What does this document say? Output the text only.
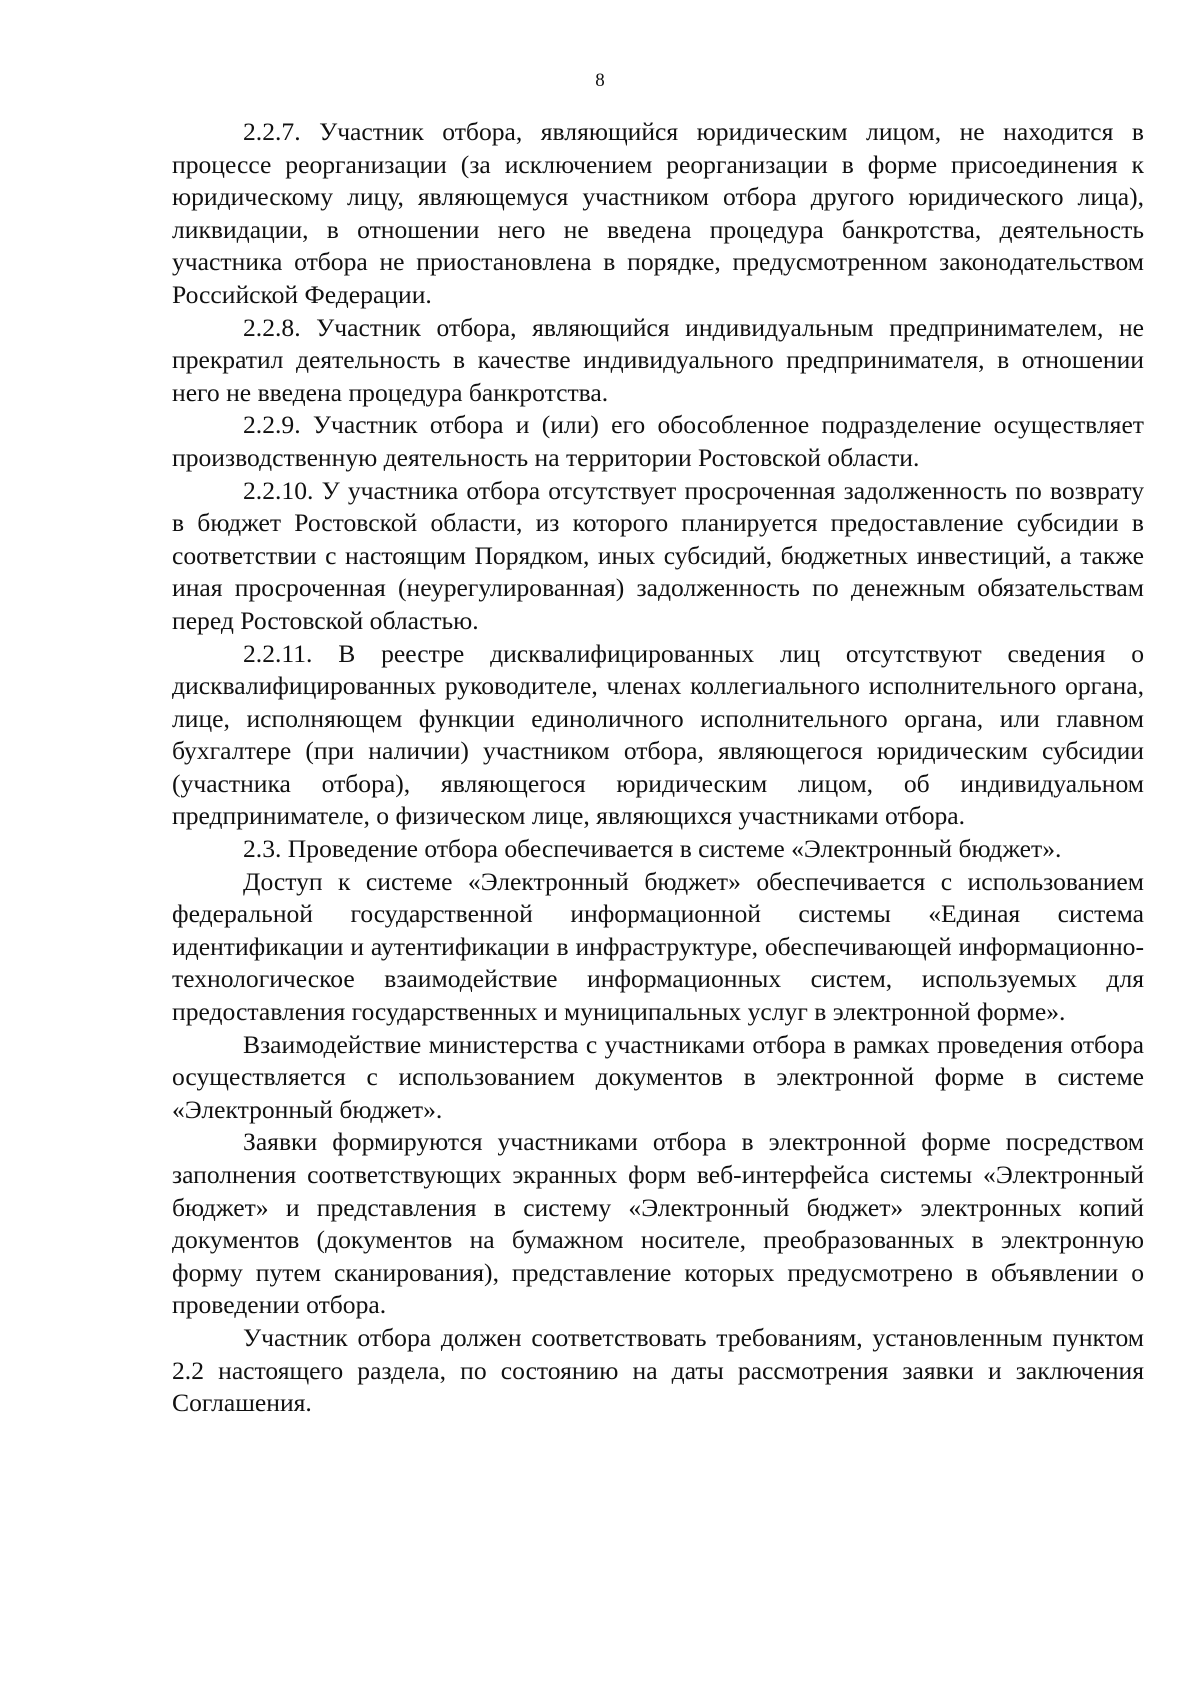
8

2.2.7. Участник отбора, являющийся юридическим лицом, не находится в процессе реорганизации (за исключением реорганизации в форме присоединения к юридическому лицу, являющемуся участником отбора другого юридического лица), ликвидации, в отношении него не введена процедура банкротства, деятельность участника отбора не приостановлена в порядке, предусмотренном законодательством Российской Федерации.

2.2.8. Участник отбора, являющийся индивидуальным предпринимателем, не прекратил деятельность в качестве индивидуального предпринимателя, в отношении него не введена процедура банкротства.

2.2.9. Участник отбора и (или) его обособленное подразделение осуществляет производственную деятельность на территории Ростовской области.

2.2.10. У участника отбора отсутствует просроченная задолженность по возврату в бюджет Ростовской области, из которого планируется предоставление субсидии в соответствии с настоящим Порядком, иных субсидий, бюджетных инвестиций, а также иная просроченная (неурегулированная) задолженность по денежным обязательствам перед Ростовской областью.

2.2.11. В реестре дисквалифицированных лиц отсутствуют сведения о дисквалифицированных руководителе, членах коллегиального исполнительного органа, лице, исполняющем функции единоличного исполнительного органа, или главном бухгалтере (при наличии) участником отбора, являющегося юридическим субсидии (участника отбора), являющегося юридическим лицом, об индивидуальном предпринимателе, о физическом лице, являющихся участниками отбора.

2.3. Проведение отбора обеспечивается в системе «Электронный бюджет».

Доступ к системе «Электронный бюджет» обеспечивается с использованием федеральной государственной информационной системы «Единая система идентификации и аутентификации в инфраструктуре, обеспечивающей информационно-технологическое взаимодействие информационных систем, используемых для предоставления государственных и муниципальных услуг в электронной форме».

Взаимодействие министерства с участниками отбора в рамках проведения отбора осуществляется с использованием документов в электронной форме в системе «Электронный бюджет».

Заявки формируются участниками отбора в электронной форме посредством заполнения соответствующих экранных форм веб-интерфейса системы «Электронный бюджет» и представления в систему «Электронный бюджет» электронных копий документов (документов на бумажном носителе, преобразованных в электронную форму путем сканирования), представление которых предусмотрено в объявлении о проведении отбора.

Участник отбора должен соответствовать требованиям, установленным пунктом 2.2 настоящего раздела, по состоянию на даты рассмотрения заявки и заключения Соглашения.
